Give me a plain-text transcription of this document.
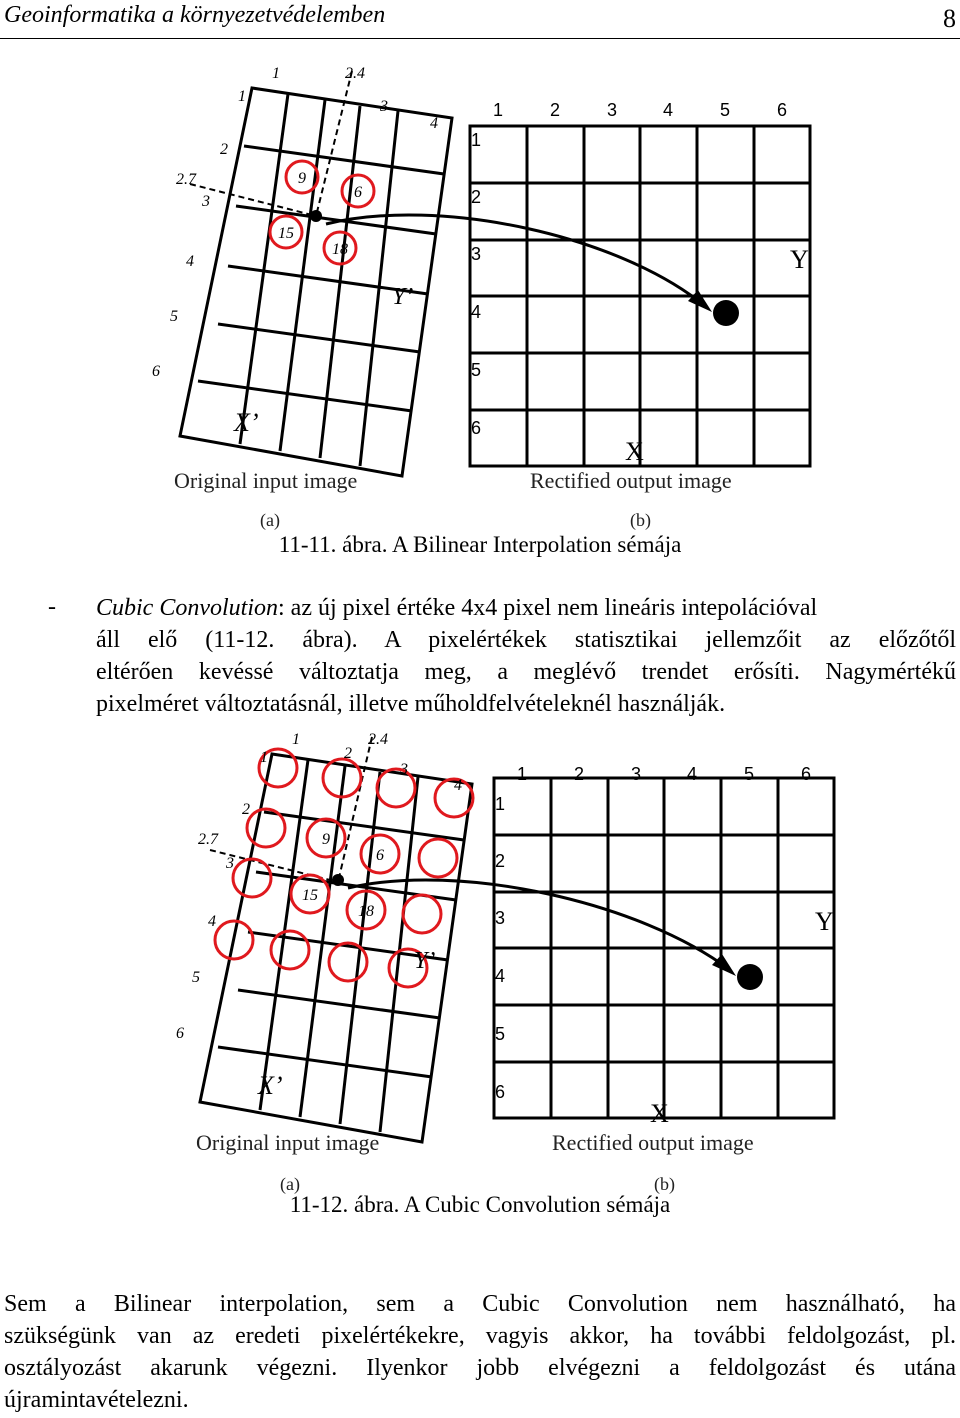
Geoinformatika a környezetvédelemben	8
9
6
15
18
1	2.4
3
4
1
2
2.7
3
4
5
6
Y’
X’
1	2	3	4	5	6
1
2
3
4
5
6
Y
X
Original input image	Rectified output image
(a)	(b)
11-11. ábra. A Bilinear Interpolation sémája
- Cubic Convolution: az új pixel értéke 4x4 pixel nem lineáris intepolációval

áll elő (11-12. ábra). A pixelértékek statisztikai jellemzőit az előzőtől

eltérően kevéssé változtatja meg, a meglévő trendet erősíti. Nagymértékű

pixelméret változtatásnál, illetve műholdfelvételeknél használják.

9
6
15
18
1	2.4
2
3
4
1
2
2.7
3
4
5
6
Y’
X’
1	2	3	4	5	6
1
2
3
4
5
6
Y
X
Original input image	Rectified output image
(a)	(b)
11-12. ábra. A Cubic Convolution sémája

Sem a Bilinear interpolation, sem a Cubic Convolution nem használható, ha

szükségünk van az eredeti pixelértékekre, vagyis akkor, ha további feldolgozást, pl.

osztályozást akarunk végezni. Ilyenkor jobb elvégezni a feldolgozást és utána

újramintavételezni.
